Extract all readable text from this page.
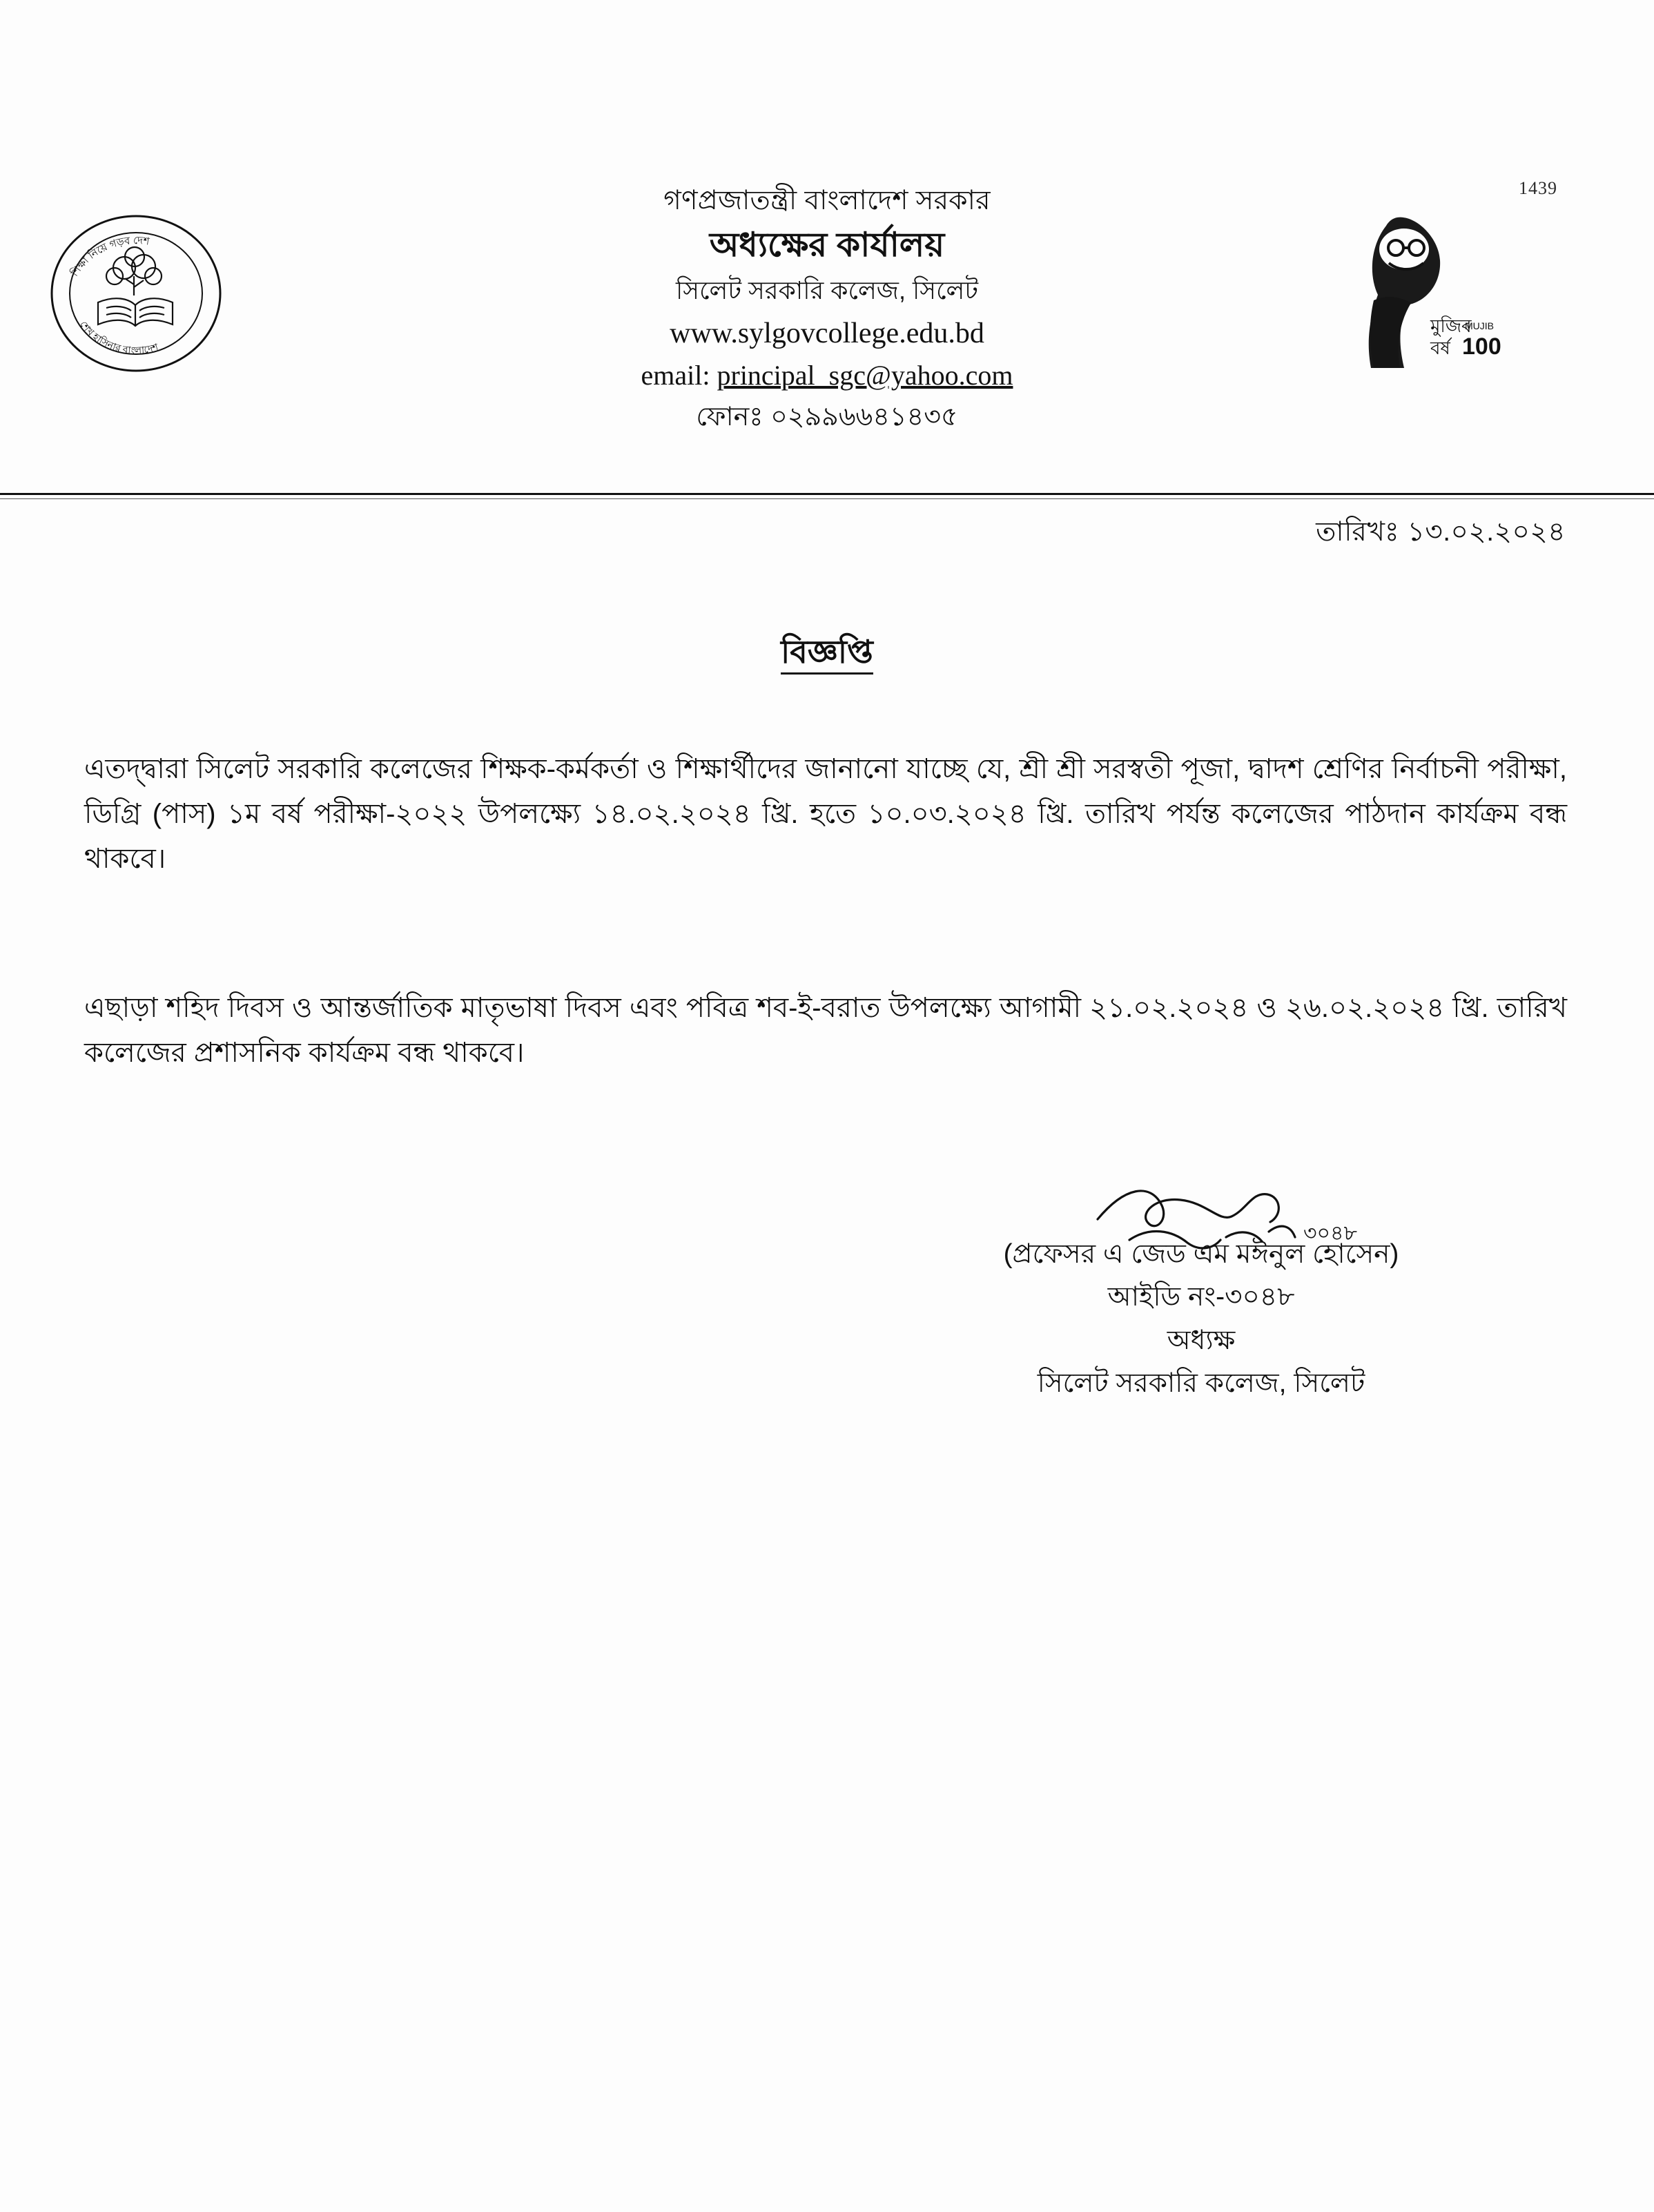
1439
শিক্ষা নিয়ে গড়ব দেশ
শেখ হাসিনার বাংলাদেশ
মুজিব
বর্ষ
MUJIB
100
গণপ্রজাতন্ত্রী বাংলাদেশ সরকার
অধ্যক্ষের কার্যালয়
সিলেট সরকারি কলেজ, সিলেট
www.sylgovcollege.edu.bd
email: principal_sgc@yahoo.com
ফোনঃ ০২৯৯৬৬৪১৪৩৫
তারিখঃ ১৩.০২.২০২৪
বিজ্ঞপ্তি
এতদ্দ্বারা সিলেট সরকারি কলেজের শিক্ষক-কর্মকর্তা ও শিক্ষার্থীদের জানানো যাচ্ছে যে, শ্রী শ্রী সরস্বতী পূজা, দ্বাদশ শ্রেণির নির্বাচনী পরীক্ষা, ডিগ্রি (পাস) ১ম বর্ষ পরীক্ষা-২০২২ উপলক্ষ্যে ১৪.০২.২০২৪ খ্রি. হতে ১০.০৩.২০২৪ খ্রি. তারিখ পর্যন্ত কলেজের পাঠদান কার্যক্রম বন্ধ থাকবে।
এছাড়া শহিদ দিবস ও আন্তর্জাতিক মাতৃভাষা দিবস এবং পবিত্র শব-ই-বরাত উপলক্ষ্যে আগামী ২১.০২.২০২৪ ও ২৬.০২.২০২৪ খ্রি. তারিখ কলেজের প্রশাসনিক কার্যক্রম বন্ধ থাকবে।
৩০৪৮
(প্রফেসর এ জেড এম মঈনুল হোসেন)
আইডি নং-৩০৪৮
অধ্যক্ষ
সিলেট সরকারি কলেজ, সিলেট
